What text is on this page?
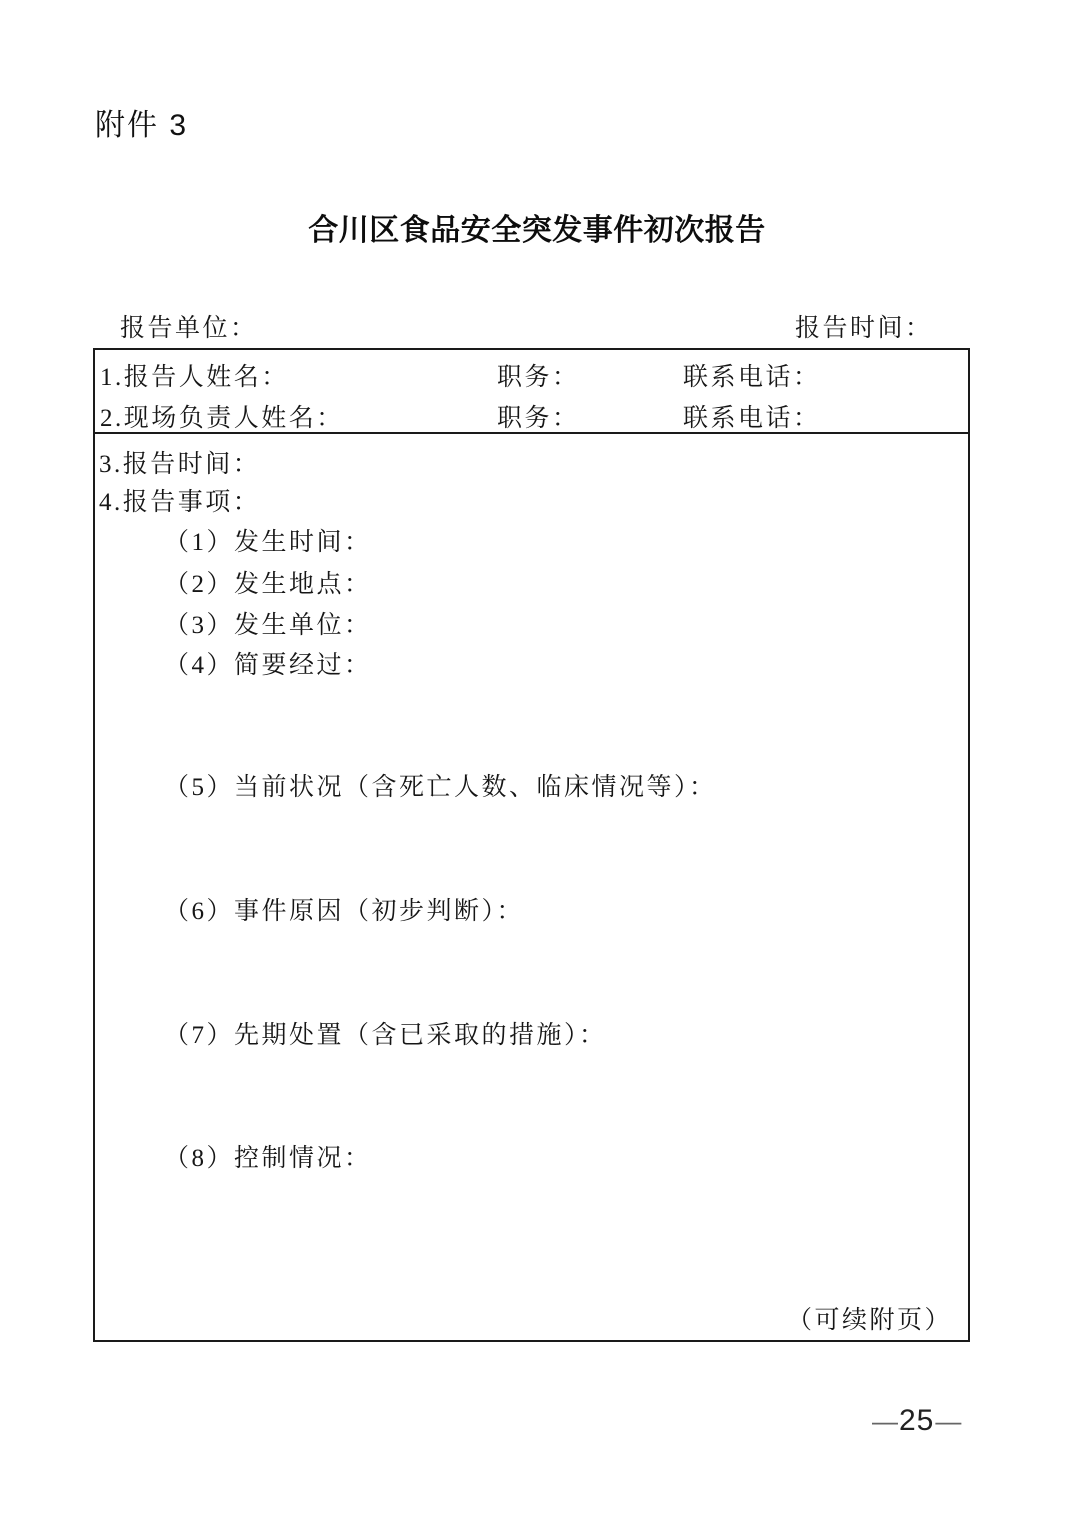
附件 3
合川区食品安全突发事件初次报告
报告单位：	报告时间：
1.报告人姓名：	职务：	联系电话：
2.现场负责人姓名：	职务：	联系电话：
3.报告时间：
4.报告事项：
（1）发生时间：
（2）发生地点：
（3）发生单位：
（4）简要经过：
（5）当前状况（含死亡人数、临床情况等）：
（6）事件原因（初步判断）：
（7）先期处置（含已采取的措施）：
（8）控制情况：
（可续附页）
— 25 —
